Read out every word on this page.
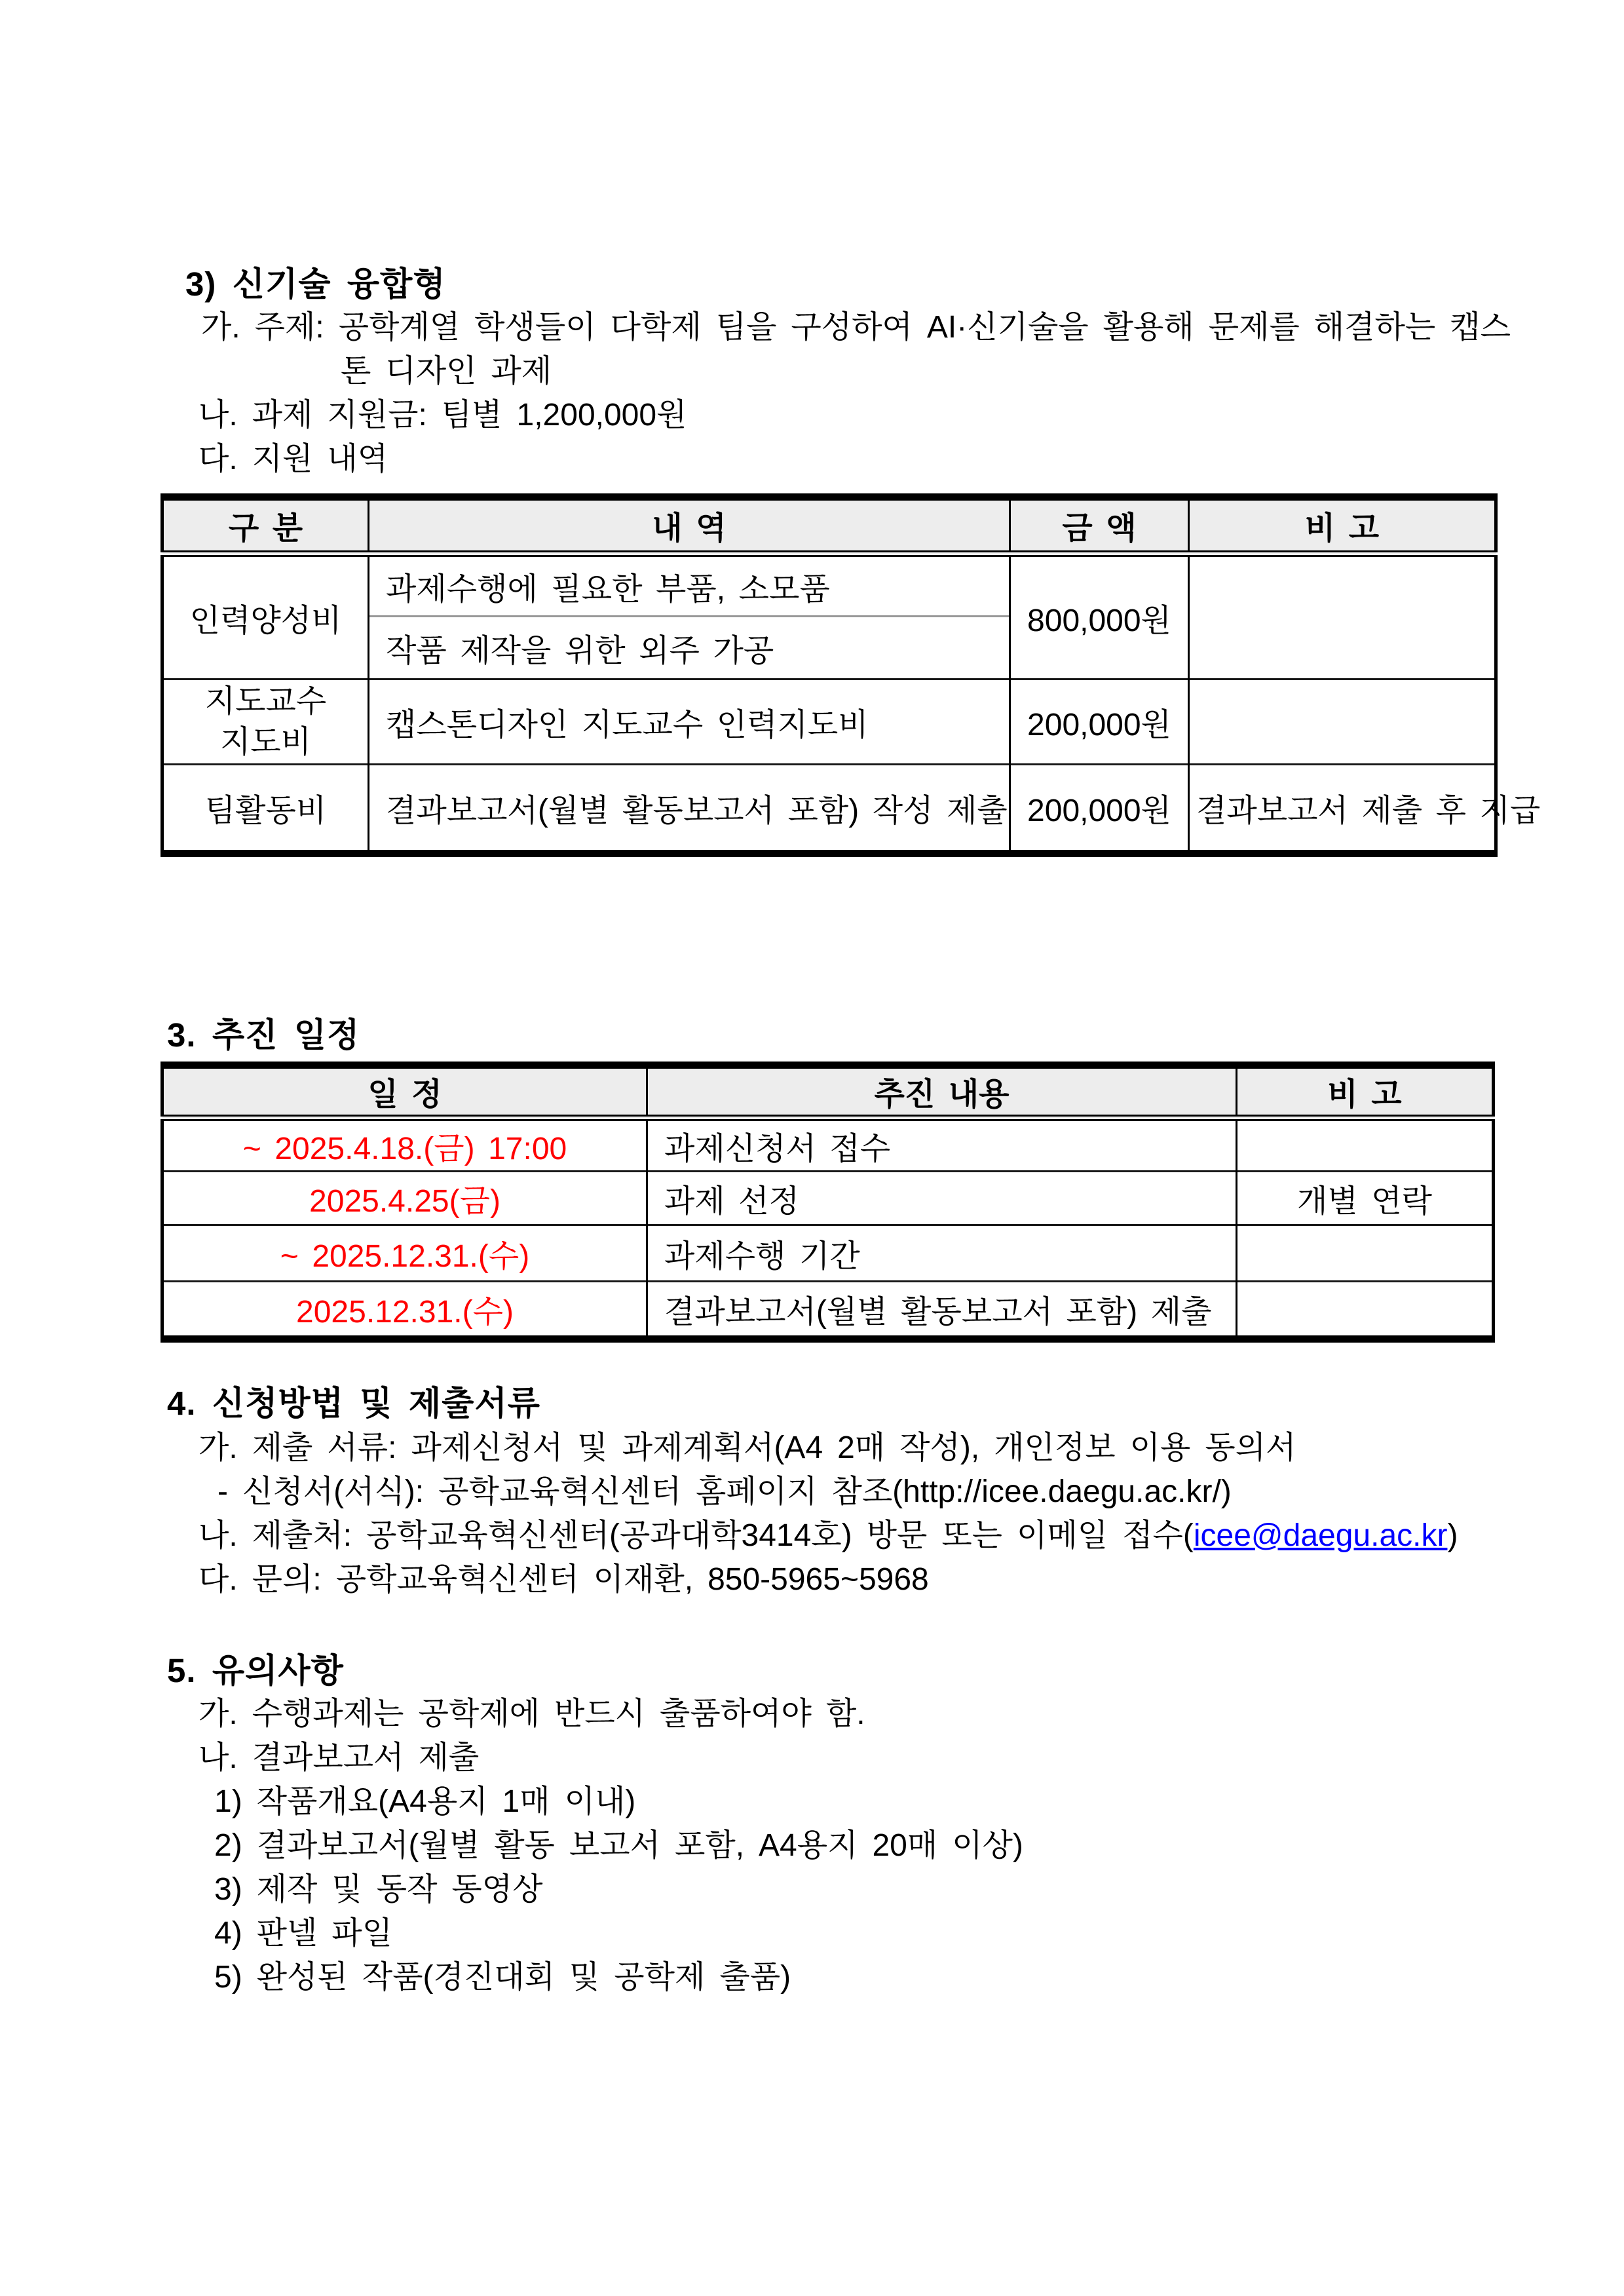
3) 신기술 융합형
가. 주제: 공학계열 학생들이 다학제 팀을 구성하여 AI·신기술을 활용해 문제를 해결하는 캡스
톤 디자인 과제
나. 과제 지원금: 팀별 1,200,000원
다. 지원 내역
구 분	내 역	금 액	비 고
인력양성비	과제수행에 필요한 부품, 소모품	800,000원	
	작품 제작을 위한 외주 가공		

지도교수
지도비	캡스톤디자인 지도교수 인력지도비	200,000원	
팀활동비	결과보고서(월별 활동보고서 포함) 작성 제출	200,000원	결과보고서 제출 후 지급
3. 추진 일정
일 정	추진 내용	비 고
~ 2025.4.18.(금) 17:00	과제신청서 접수	
2025.4.25(금)	과제 선정	개별 연락
~ 2025.12.31.(수)	과제수행 기간	
2025.12.31.(수)	결과보고서(월별 활동보고서 포함) 제출	
4. 신청방법 및 제출서류
가. 제출 서류: 과제신청서 및 과제계획서(A4 2매 작성), 개인정보 이용 동의서
- 신청서(서식): 공학교육혁신센터 홈페이지 참조(http://icee.daegu.ac.kr/)
나. 제출처: 공학교육혁신센터(공과대학3414호) 방문 또는 이메일 접수(icee@daegu.ac.kr)
다. 문의: 공학교육혁신센터 이재환, 850-5965~5968
5. 유의사항
가. 수행과제는 공학제에 반드시 출품하여야 함.
나. 결과보고서 제출
1) 작품개요(A4용지 1매 이내)
2) 결과보고서(월별 활동 보고서 포함, A4용지 20매 이상)
3) 제작 및 동작 동영상
4) 판넬 파일
5) 완성된 작품(경진대회 및 공학제 출품)
